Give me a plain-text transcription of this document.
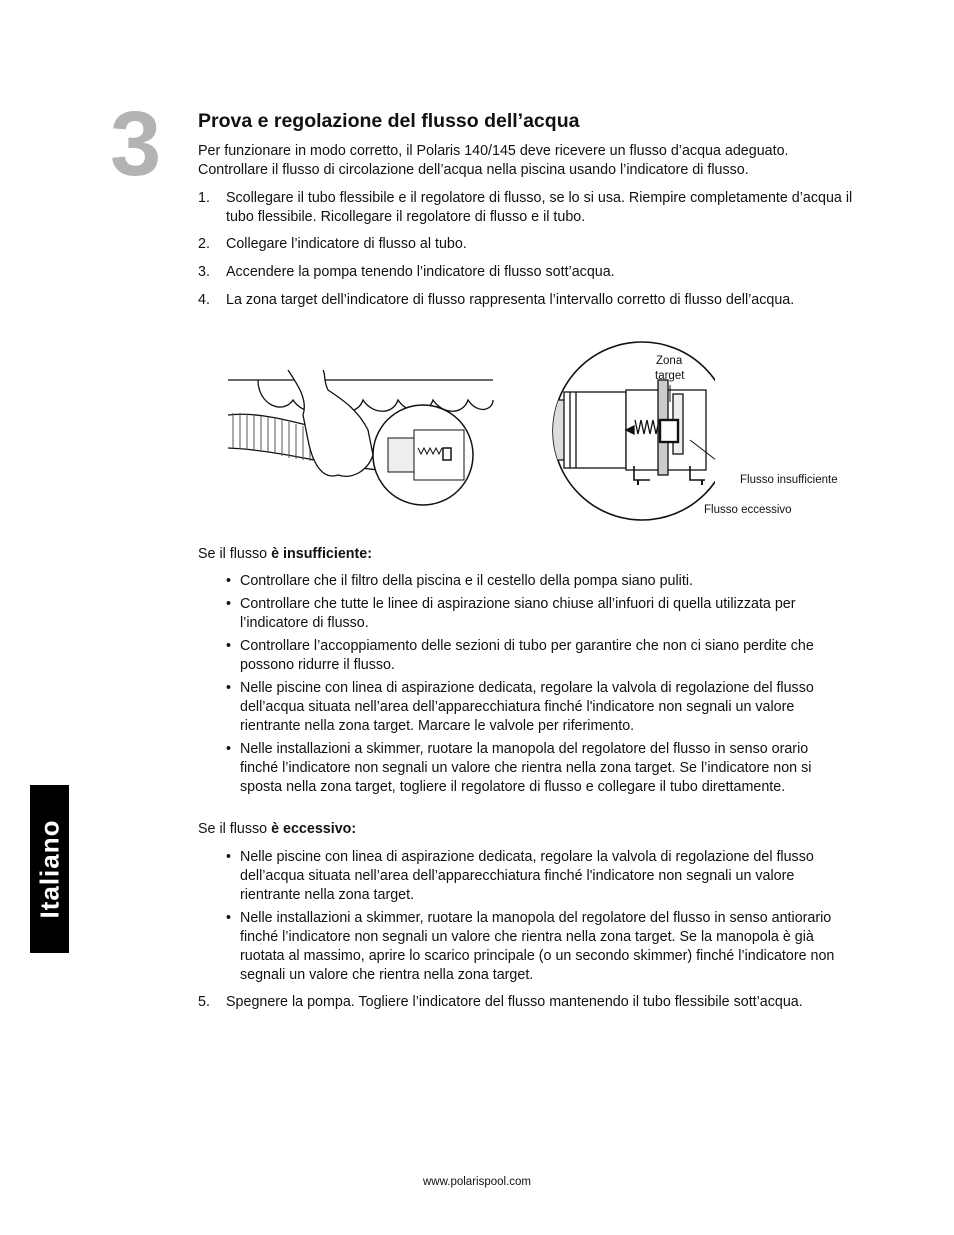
3 Prova e regolazione del flusso dell’acqua

Per funzionare in modo corretto, il Polaris 140/145 deve ricevere un flusso d’acqua adeguato. Controllare il flusso di circolazione dell’acqua nella piscina usando l’indicatore di flusso.

1. Scollegare il tubo flessibile e il regolatore di flusso, se lo si usa. Riempire completamente d’acqua il tubo flessibile. Ricollegare il regolatore di flusso e il tubo.
2. Collegare l’indicatore di flusso al tubo.
3. Accendere la pompa tenendo l’indicatore di flusso sott’acqua.
4. La zona target dell’indicatore di flusso rappresenta l’intervallo corretto di flusso dell’acqua.
Zona
target
Flusso insufficiente
Flusso eccessivo
Se il flusso è insufficiente:
• Controllare che il filtro della piscina e il cestello della pompa siano puliti.
• Controllare che tutte le linee di aspirazione siano chiuse all’infuori di quella utilizzata per l’indicatore di flusso.
• Controllare l’accoppiamento delle sezioni di tubo per garantire che non ci siano perdite che possono ridurre il flusso.
• Nelle piscine con linea di aspirazione dedicata, regolare la valvola di regolazione del flusso dell’acqua situata nell’area dell’apparecchiatura finché l'indicatore non segnali un valore rientrante nella zona target. Marcare le valvole per riferimento.
• Nelle installazioni a skimmer, ruotare la manopola del regolatore del flusso in senso orario finché l’indicatore non segnali un valore che rientra nella zona target. Se l’indicatore non si sposta nella zona target, togliere il regolatore di flusso e collegare il tubo direttamente.
Se il flusso è eccessivo:
• Nelle piscine con linea di aspirazione dedicata, regolare la valvola di regolazione del flusso dell’acqua situata nell’area dell’apparecchiatura finché l'indicatore non segnali un valore rientrante nella zona target.
• Nelle installazioni a skimmer, ruotare la manopola del regolatore del flusso in senso antiorario finché l’indicatore non segnali un valore che rientra nella zona target. Se la manopola è già ruotata al massimo, aprire lo scarico principale (o un secondo skimmer) finché l’indicatore non segnali un valore che rientra nella zona target.
5. Spegnere la pompa. Togliere l’indicatore del flusso mantenendo il tubo flessibile sott’acqua.
Italiano
www.polarispool.com
